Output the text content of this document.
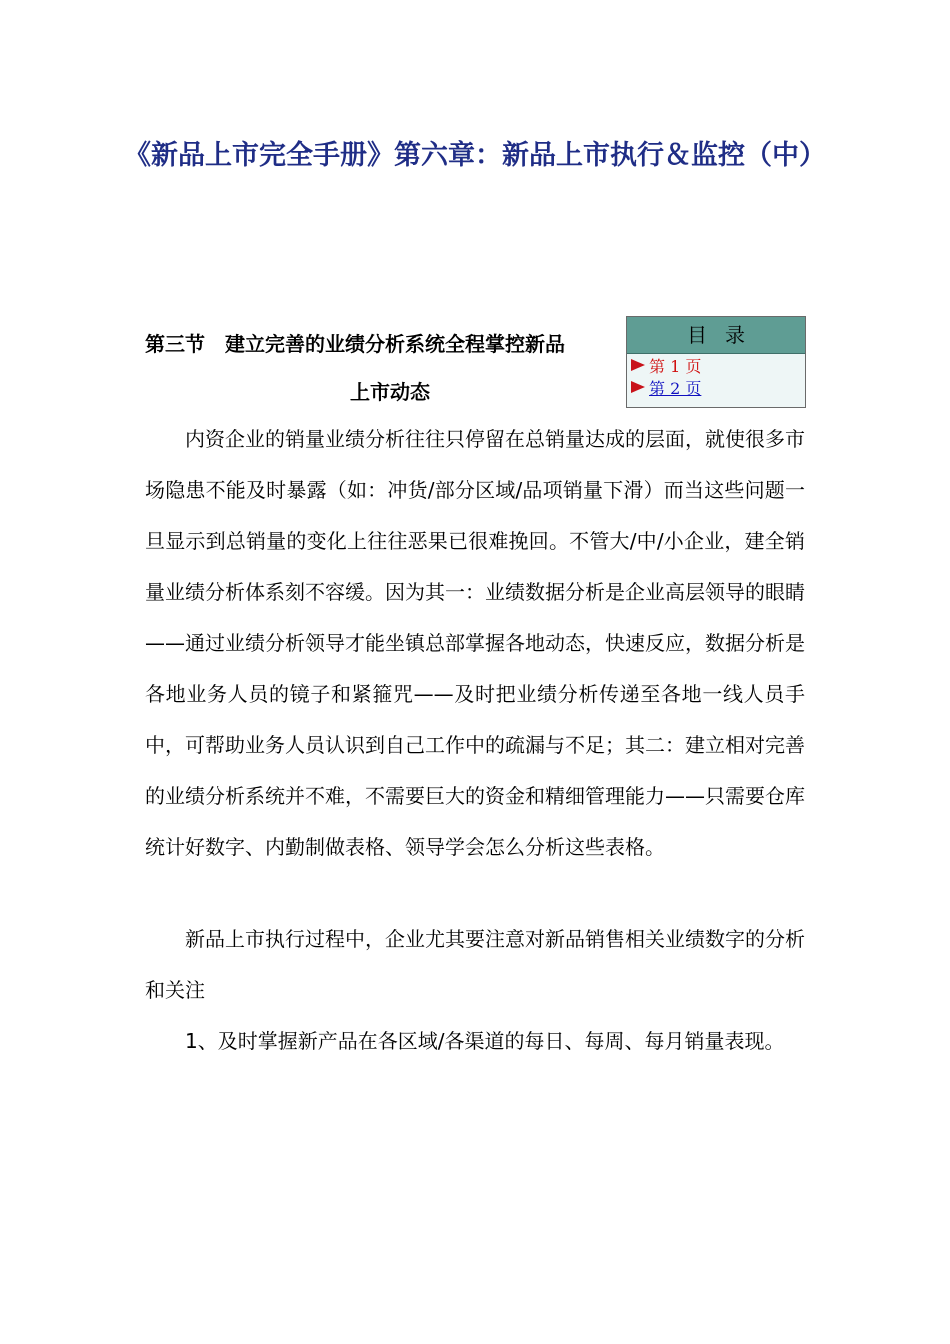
《新品上市完全手册》第六章：新品上市执行＆监控（中）
第三节　建立完善的业绩分析系统全程掌控新品
上市动态
目录
第 1 页
第 2 页

内资企业的销量业绩分析往往只停留在总销量达成的层面，就使很多市场隐患不能及时暴露（如：冲货/部分区域/品项销量下滑）而当这些问题一旦显示到总销量的变化上往往恶果已很难挽回。不管大/中/小企业，建全销量业绩分析体系刻不容缓。因为其一：业绩数据分析是企业高层领导的眼睛——通过业绩分析领导才能坐镇总部掌握各地动态，快速反应，数据分析是各地业务人员的镜子和紧箍咒——及时把业绩分析传递至各地一线人员手中，可帮助业务人员认识到自己工作中的疏漏与不足；其二：建立相对完善的业绩分析系统并不难，不需要巨大的资金和精细管理能力——只需要仓库统计好数字、内勤制做表格、领导学会怎么分析这些表格。

新品上市执行过程中，企业尤其要注意对新品销售相关业绩数字的分析和关注

1、及时掌握新产品在各区域/各渠道的每日、每周、每月销量表现。
